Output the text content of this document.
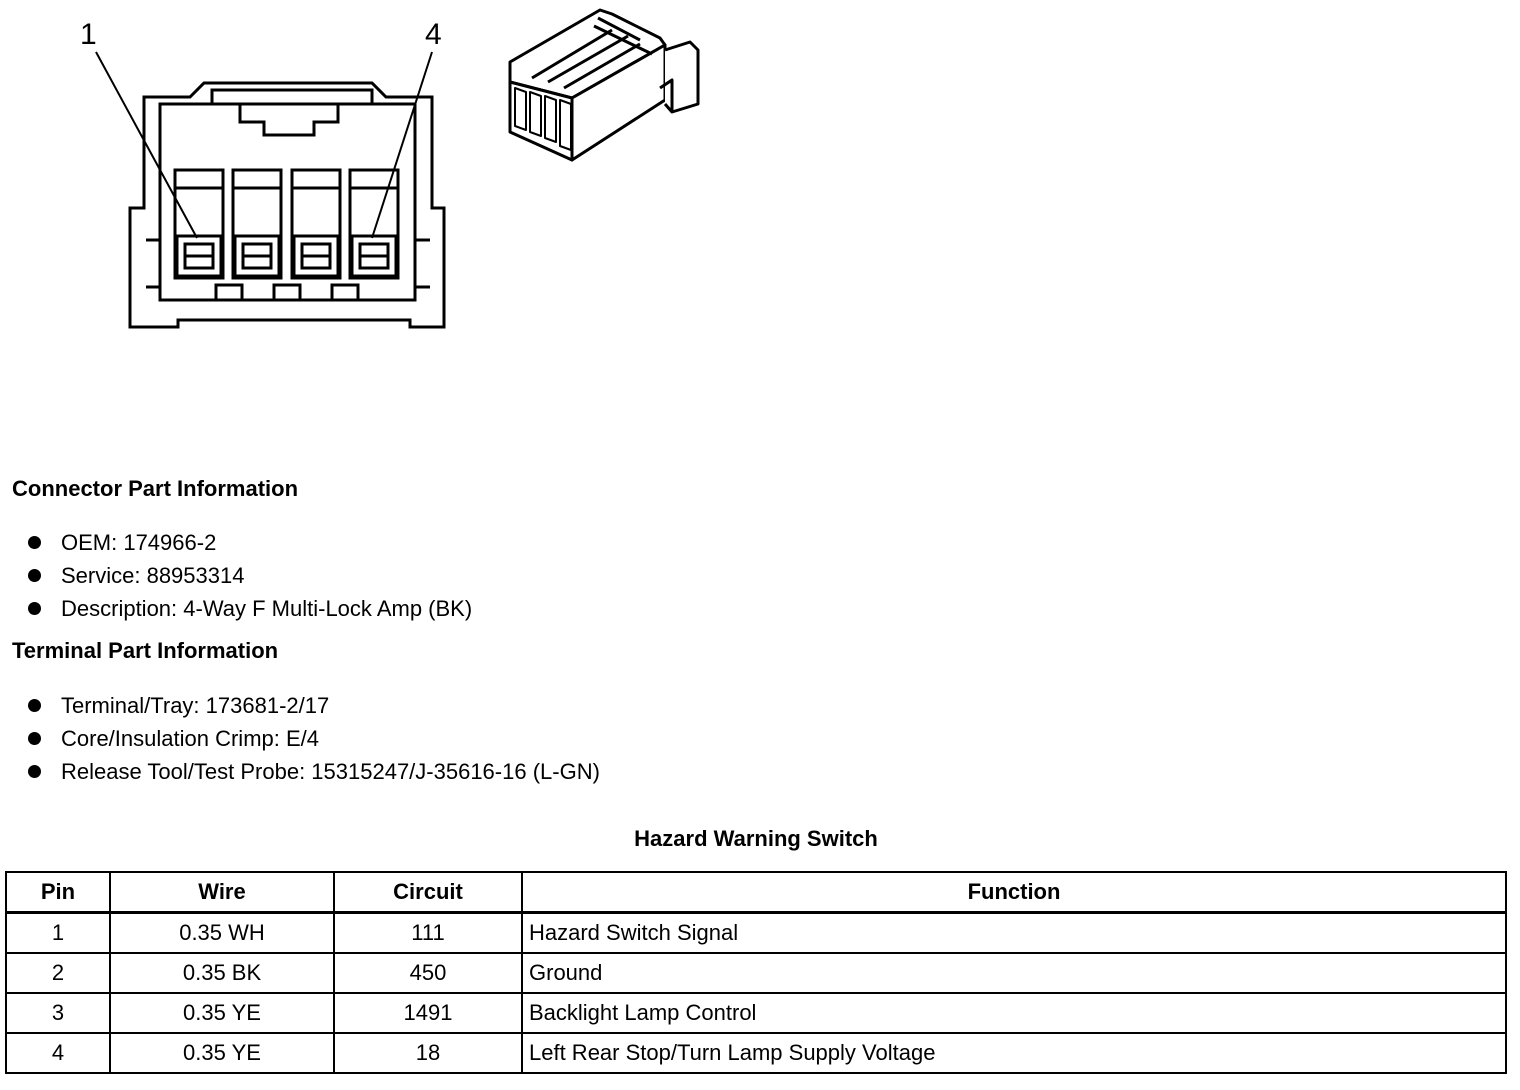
1	4
Connector Part Information
OEM: 174966-2
Service: 88953314
Description: 4-Way F Multi-Lock Amp (BK)
Terminal Part Information
Terminal/Tray: 173681-2/17
Core/Insulation Crimp: E/4
Release Tool/Test Probe: 15315247/J-35616-16 (L-GN)
Hazard Warning Switch
Pin	Wire	Circuit	Function
1	0.35 WH	111	Hazard Switch Signal
2	0.35 BK	450	Ground
3	0.35 YE	1491	Backlight Lamp Control
4	0.35 YE	18	Left Rear Stop/Turn Lamp Supply Voltage
